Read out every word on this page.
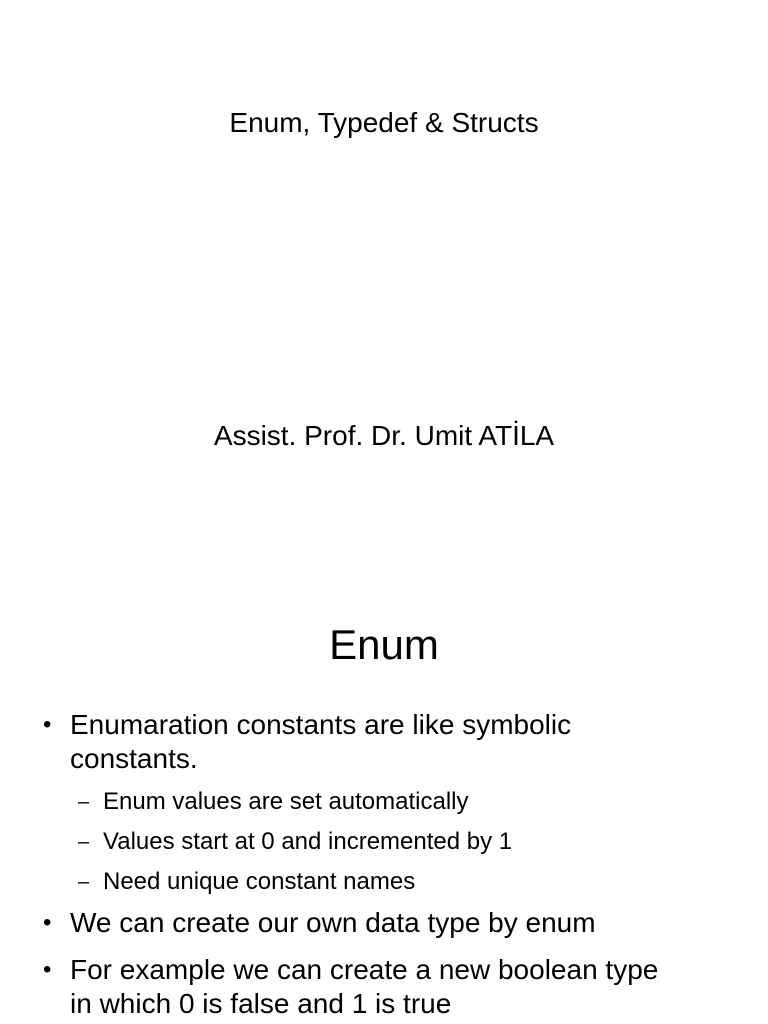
Enum, Typedef & Structs
Assist. Prof. Dr. Umit ATİLA
Enum
• Enumaration constants are like symbolic
constants.
– Enum values are set automatically
– Values start at 0 and incremented by 1
– Need unique constant names
• We can create our own data type by enum
• For example we can create a new boolean type
in which 0 is false and 1 is true
